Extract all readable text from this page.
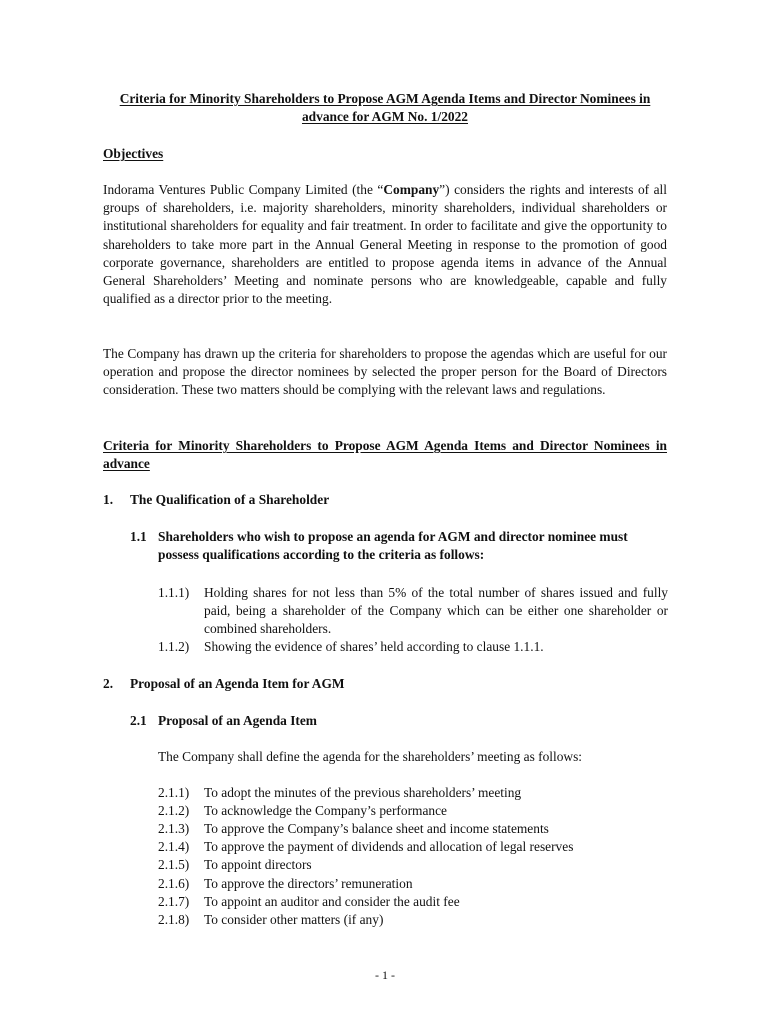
Criteria for Minority Shareholders to Propose AGM Agenda Items and Director Nominees in advance for AGM No. 1/2022
Objectives
Indorama Ventures Public Company Limited (the “Company”) considers the rights and interests of all groups of shareholders, i.e. majority shareholders, minority shareholders, individual shareholders or institutional shareholders for equality and fair treatment. In order to facilitate and give the opportunity to shareholders to take more part in the Annual General Meeting in response to the promotion of good corporate governance, shareholders are entitled to propose agenda items in advance of the Annual General Shareholders’ Meeting and nominate persons who are knowledgeable, capable and fully qualified as a director prior to the meeting.
The Company has drawn up the criteria for shareholders to propose the agendas which are useful for our operation and propose the director nominees by selected the proper person for the Board of Directors consideration. These two matters should be complying with the relevant laws and regulations.
Criteria for Minority Shareholders to Propose AGM Agenda Items and Director Nominees in advance
1. The Qualification of a Shareholder
1.1 Shareholders who wish to propose an agenda for AGM and director nominee must possess qualifications according to the criteria as follows:
1.1.1) Holding shares for not less than 5% of the total number of shares issued and fully paid, being a shareholder of the Company which can be either one shareholder or combined shareholders.
1.1.2) Showing the evidence of shares’ held according to clause 1.1.1.
2. Proposal of an Agenda Item for AGM
2.1 Proposal of an Agenda Item
The Company shall define the agenda for the shareholders’ meeting as follows:
2.1.1) To adopt the minutes of the previous shareholders’ meeting
2.1.2) To acknowledge the Company’s performance
2.1.3) To approve the Company’s balance sheet and income statements
2.1.4) To approve the payment of dividends and allocation of legal reserves
2.1.5) To appoint directors
2.1.6) To approve the directors’ remuneration
2.1.7) To appoint an auditor and consider the audit fee
2.1.8) To consider other matters (if any)
- 1 -
